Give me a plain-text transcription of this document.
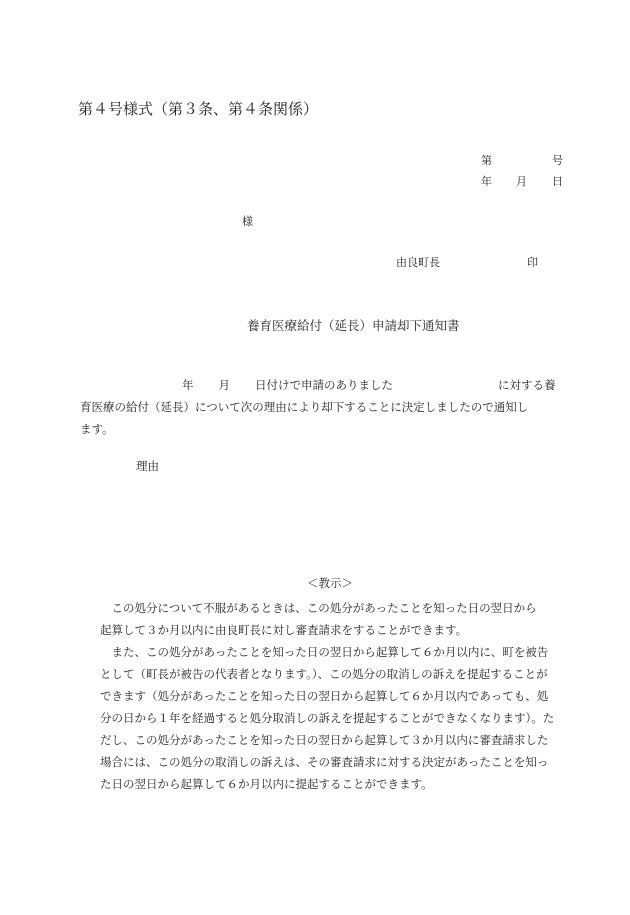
第４号様式（第３条、第４条関係）
第	号
年 月 日
様
由良町長	印
養育医療給付（延長）申請却下通知書
年 月 日付けで申請のありました	に対する養
育医療の給付（延長）について次の理由により却下することに決定しましたので通知し
ます。
理由
＜教示＞
　この処分について不服があるときは、この処分があったことを知った日の翌日から
起算して３か月以内に由良町長に対し審査請求をすることができます。
　また、この処分があったことを知った日の翌日から起算して６か月以内に、町を被告
として（町長が被告の代表者となります。）、この処分の取消しの訴えを提起することが
できます（処分があったことを知った日の翌日から起算して６か月以内であっても、処
分の日から１年を経過すると処分取消しの訴えを提起することができなくなります）。た
だし、この処分があったことを知った日の翌日から起算して３か月以内に審査請求した
場合には、この処分の取消しの訴えは、その審査請求に対する決定があったことを知っ
た日の翌日から起算して６か月以内に提起することができます。
